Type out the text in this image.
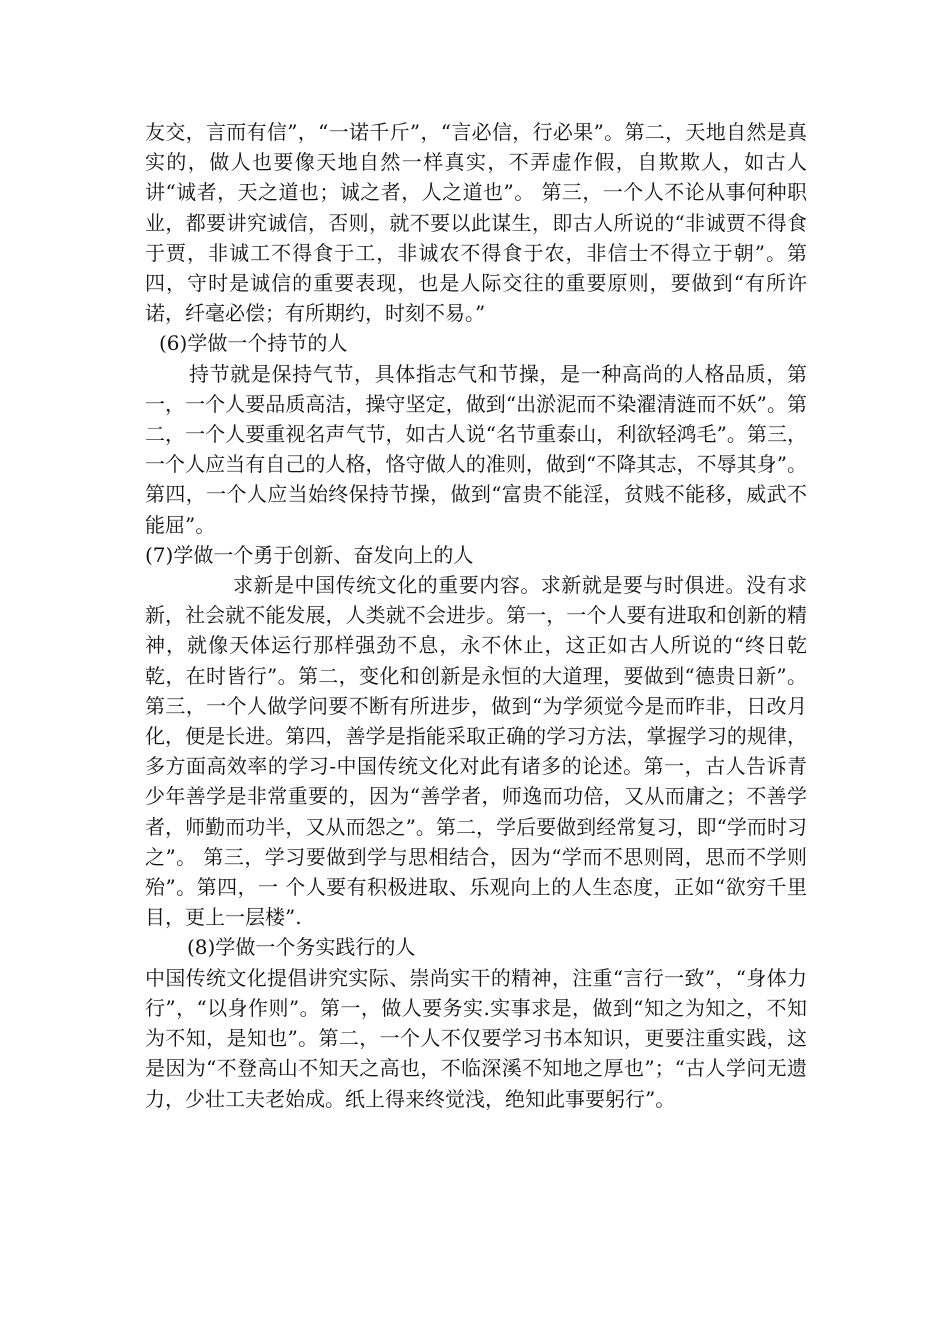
友交，言而有信”，“一诺千斤”，“言必信，行必果”。第二，天地自然是真实的，做人也要像天地自然一样真实，不弄虚作假，自欺欺人，如古人讲“诚者，天之道也；诚之者，人之道也”。 第三，一个人不论从事何种职业，都要讲究诚信，否则，就不要以此谋生，即古人所说的“非诚贾不得食于贾，非诚工不得食于工，非诚农不得食于农，非信士不得立于朝”。第四，守时是诚信的重要表现，也是人际交往的重要原则，要做到“有所许诺，纤毫必偿；有所期约，时刻不易。”

(6)学做一个持节的人

持节就是保持气节，具体指志气和节操，是一种高尚的人格品质，第一，一个人要品质高洁，操守坚定，做到“出淤泥而不染濯清涟而不妖”。第二，一个人要重视名声气节，如古人说“名节重泰山，利欲轻鸿毛”。第三，一个人应当有自己的人格，恪守做人的准则，做到“不降其志，不辱其身”。第四，一个人应当始终保持节操，做到“富贵不能淫，贫贱不能移，威武不能屈”。

(7)学做一个勇于创新、奋发向上的人

求新是中国传统文化的重要内容。求新就是要与时俱进。没有求新，社会就不能发展，人类就不会进步。第一，一个人要有进取和创新的精神，就像天体运行那样强劲不息，永不休止，这正如古人所说的“终日乾乾，在时皆行”。第二，变化和创新是永恒的大道理，要做到“德贵日新”。第三，一个人做学问要不断有所进步，做到“为学须觉今是而昨非，日改月化，便是长进。第四，善学是指能采取正确的学习方法，掌握学习的规律，多方面高效率的学习-中国传统文化对此有诸多的论述。第一，古人告诉青少年善学是非常重要的，因为“善学者，师逸而功倍，又从而庸之；不善学者，师勤而功半，又从而怨之”。第二，学后要做到经常复习，即“学而时习之”。 第三，学习要做到学与思相结合，因为“学而不思则罔，思而不学则殆”。第四，一 个人要有积极进取、乐观向上的人生态度，正如“欲穷千里目，更上一层楼”.

(8)学做一个务实践行的人

中国传统文化提倡讲究实际、崇尚实干的精神，注重“言行一致”，“身体力行”，“以身作则”。第一，做人要务实.实事求是，做到“知之为知之，不知为不知，是知也”。第二，一个人不仅要学习书本知识，更要注重实践，这是因为“不登高山不知天之高也，不临深溪不知地之厚也”；“古人学问无遗力，少壮工夫老始成。纸上得来终觉浅，绝知此事要躬行”。
